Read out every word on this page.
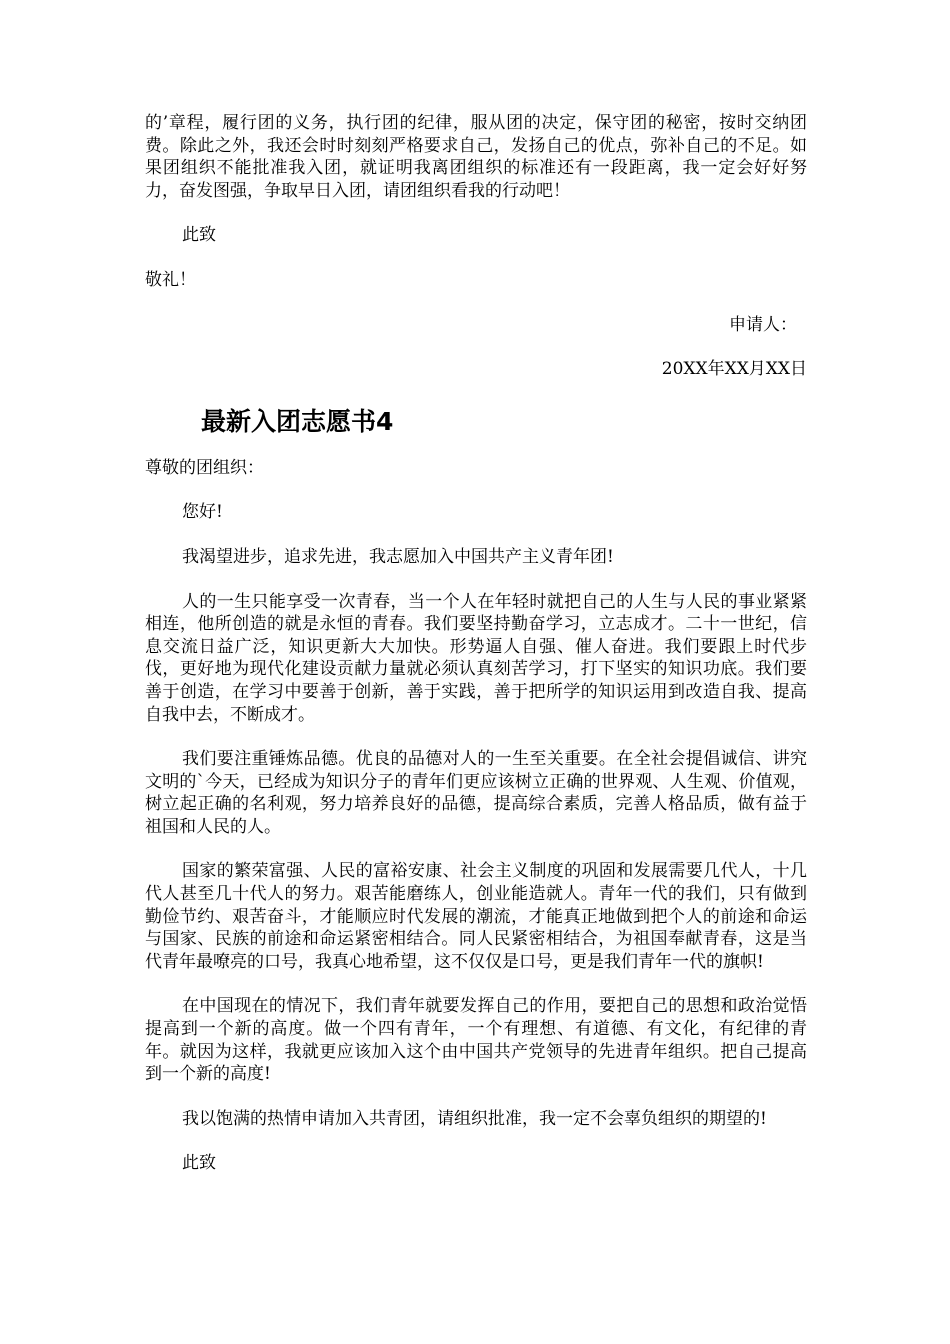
的’章程，履行团的义务，执行团的纪律，服从团的决定，保守团的秘密，按时交纳团费。除此之外，我还会时时刻刻严格要求自己，发扬自己的优点，弥补自己的不足。如果团组织不能批准我入团，就证明我离团组织的标准还有一段距离，我一定会好好努力，奋发图强，争取早日入团，请团组织看我的行动吧！

此致

敬礼！

申请人：

20XX年XX月XX日

最新入团志愿书4

尊敬的团组织：

您好!

我渴望进步，追求先进，我志愿加入中国共产主义青年团!

人的一生只能享受一次青春，当一个人在年轻时就把自己的人生与人民的事业紧紧相连，他所创造的就是永恒的青春。我们要坚持勤奋学习，立志成才。二十一世纪，信息交流日益广泛，知识更新大大加快。形势逼人自强、催人奋进。我们要跟上时代步伐，更好地为现代化建设贡献力量就必须认真刻苦学习，打下坚实的知识功底。我们要善于创造，在学习中要善于创新，善于实践，善于把所学的知识运用到改造自我、提高自我中去，不断成才。

我们要注重锤炼品德。优良的品德对人的一生至关重要。在全社会提倡诚信、讲究文明的`今天，已经成为知识分子的青年们更应该树立正确的世界观、人生观、价值观，树立起正确的名利观，努力培养良好的品德，提高综合素质，完善人格品质，做有益于祖国和人民的人。

国家的繁荣富强、人民的富裕安康、社会主义制度的巩固和发展需要几代人，十几代人甚至几十代人的努力。艰苦能磨练人，创业能造就人。青年一代的我们，只有做到勤俭节约、艰苦奋斗，才能顺应时代发展的潮流，才能真正地做到把个人的前途和命运与国家、民族的前途和命运紧密相结合。同人民紧密相结合，为祖国奉献青春，这是当代青年最嘹亮的口号，我真心地希望，这不仅仅是口号，更是我们青年一代的旗帜!

在中国现在的情况下，我们青年就要发挥自己的作用，要把自己的思想和政治觉悟提高到一个新的高度。做一个四有青年，一个有理想、有道德、有文化，有纪律的青年。就因为这样，我就更应该加入这个由中国共产党领导的先进青年组织。把自己提高到一个新的高度!

我以饱满的热情申请加入共青团，请组织批准，我一定不会辜负组织的期望的!

此致
